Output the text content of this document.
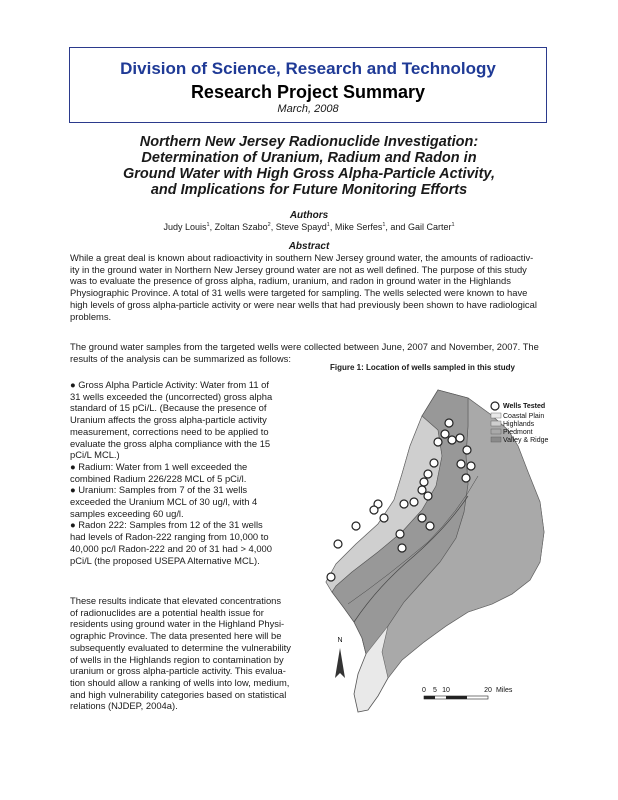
Division of Science, Research and Technology
Research Project Summary
March, 2008
Northern New Jersey Radionuclide Investigation:
Determination of Uranium, Radium and Radon in
Ground Water with High Gross Alpha-Particle Activity,
and Implications for Future Monitoring Efforts
Authors
Judy Louis$^1$, Zoltan Szabo$^2$, Steve Spayd$^1$, Mike Serfes$^1$, and Gail Carter$^1$
Abstract
While a great deal is known about radioactivity in southern New Jersey ground water, the amounts of radioactiv-
ity in the ground water in Northern New Jersey ground water are not as well defined. The purpose of this study
was to evaluate the presence of gross alpha, radium, uranium, and radon in ground water in the Highlands
Physiographic Province. A total of 31 wells were targeted for sampling. The wells selected were known to have
high levels of gross alpha-particle activity or were near wells that had previously been shown to have radiological
problems.
The ground water samples from the targeted wells were collected between June, 2007 and November, 2007. The
results of the analysis can be summarized as follows:
● Gross Alpha Particle Activity: Water from 11 of
31 wells exceeded the (uncorrected) gross alpha
standard of 15 pCi/L. (Because the presence of
Uranium affects the gross alpha-particle activity
measurement, corrections need to be applied to
evaluate the gross alpha compliance with the 15
pCi/L MCL.)
● Radium: Water from 1 well exceeded the
combined Radium 226/228 MCL of 5 pCi/l.
● Uranium: Samples from 7 of the 31 wells
exceeded the Uranium MCL of 30 ug/l, with 4
samples exceeding 60 ug/l.
● Radon 222: Samples from 12 of the 31 wells
had levels of Radon-222 ranging from 10,000 to
40,000 pc/l Radon-222 and 20 of 31 had > 4,000
pCi/L (the proposed USEPA Alternative MCL).
These results indicate that elevated concentrations
of radionuclides are a potential health issue for
residents using ground water in the Highland Physi-
ographic Province. The data presented here will be
subsequently evaluated to determine the vulnerability
of wells in the Highlands region to contamination by
uranium or gross alpha-particle activity. This evalua-
tion should allow a ranking of wells into low, medium,
and high vulnerability categories based on statistical
relations (NJDEP, 2004a).
Figure 1: Location of wells sampled in this study
Wells Tested
Coastal Plain
Highlands
Piedmont
Valley & Ridge
N
0 5 10	20 Miles
